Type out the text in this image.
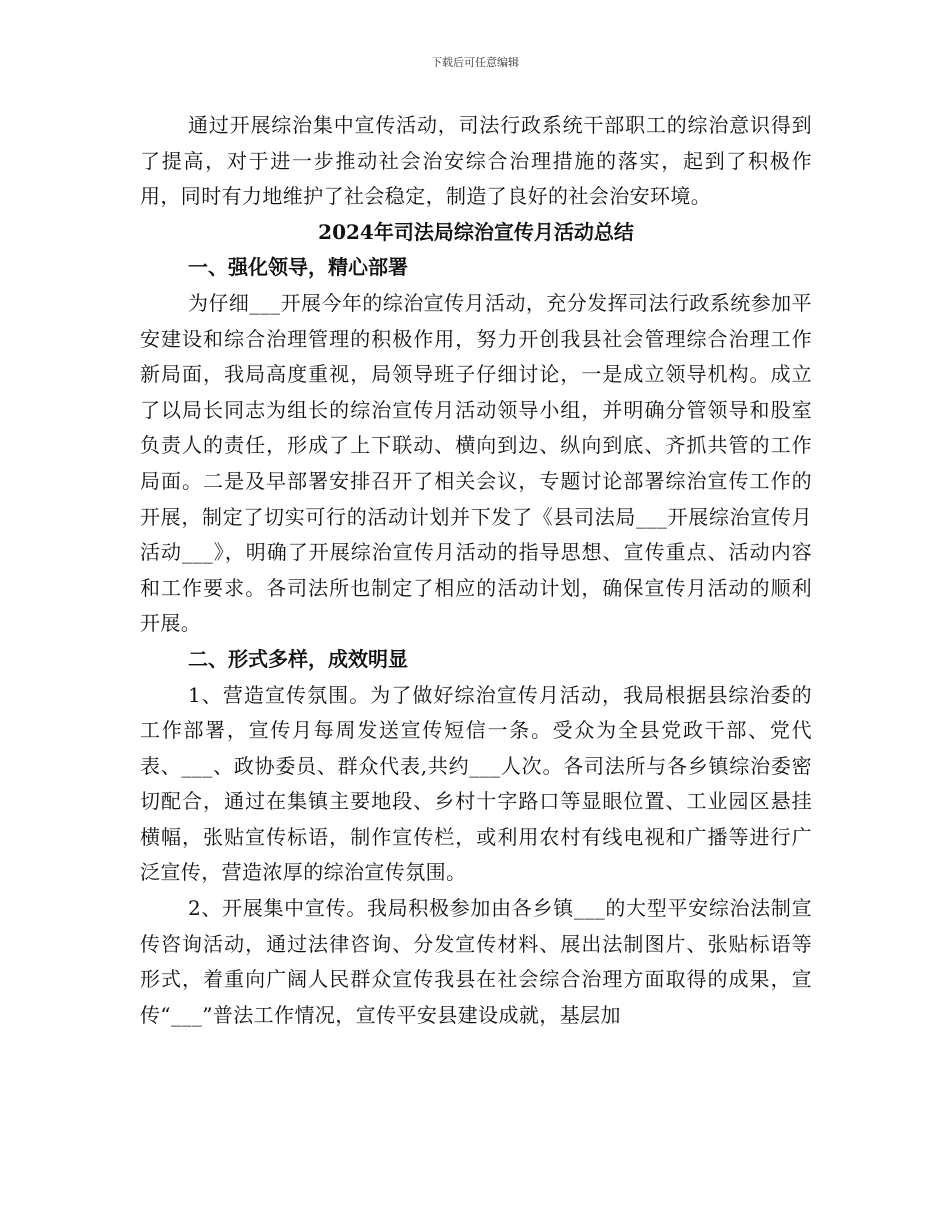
下载后可任意编辑

通过开展综治集中宣传活动，司法行政系统干部职工的综治意识得到了提高，对于进一步推动社会治安综合治理措施的落实，起到了积极作用，同时有力地维护了社会稳定，制造了良好的社会治安环境。

2024年司法局综治宣传月活动总结

一、强化领导，精心部署

为仔细___开展今年的综治宣传月活动，充分发挥司法行政系统参加平安建设和综合治理管理的积极作用，努力开创我县社会管理综合治理工作新局面，我局高度重视，局领导班子仔细讨论，一是成立领导机构。成立了以局长同志为组长的综治宣传月活动领导小组，并明确分管领导和股室负责人的责任，形成了上下联动、横向到边、纵向到底、齐抓共管的工作局面。二是及早部署安排召开了相关会议，专题讨论部署综治宣传工作的开展，制定了切实可行的活动计划并下发了《县司法局___开展综治宣传月活动___》，明确了开展综治宣传月活动的指导思想、宣传重点、活动内容和工作要求。各司法所也制定了相应的活动计划，确保宣传月活动的顺利开展。

二、形式多样，成效明显

1、营造宣传氛围。为了做好综治宣传月活动，我局根据县综治委的工作部署，宣传月每周发送宣传短信一条。受众为全县党政干部、党代表、___、政协委员、群众代表,共约___人次。各司法所与各乡镇综治委密切配合，通过在集镇主要地段、乡村十字路口等显眼位置、工业园区悬挂横幅，张贴宣传标语，制作宣传栏，或利用农村有线电视和广播等进行广泛宣传，营造浓厚的综治宣传氛围。

2、开展集中宣传。我局积极参加由各乡镇___的大型平安综治法制宣传咨询活动，通过法律咨询、分发宣传材料、展出法制图片、张贴标语等形式，着重向广阔人民群众宣传我县在社会综合治理方面取得的成果，宣传“___”普法工作情况，宣传平安县建设成就，基层加
